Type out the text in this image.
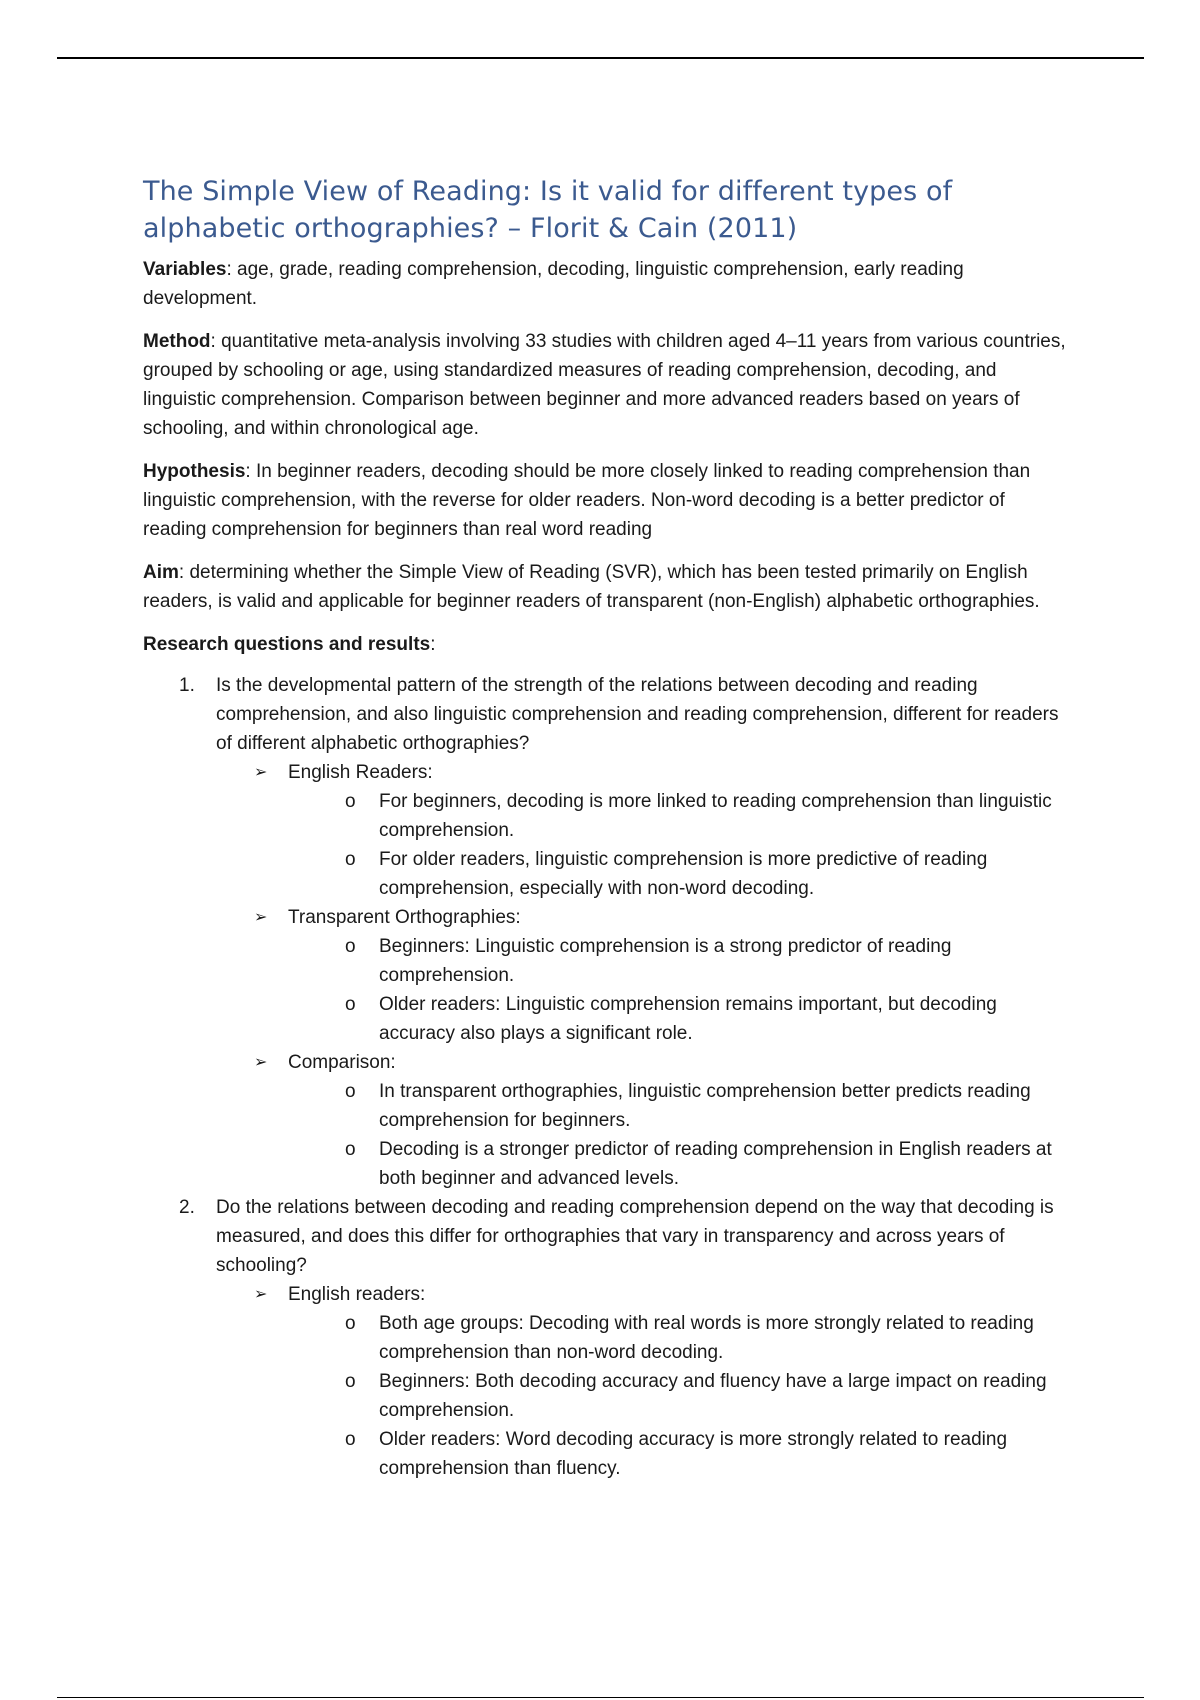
The Simple View of Reading: Is it valid for different types of alphabetic orthographies? – Florit & Cain (2011)

Variables: age, grade, reading comprehension, decoding, linguistic comprehension, early reading development.

Method: quantitative meta-analysis involving 33 studies with children aged 4–11 years from various countries, grouped by schooling or age, using standardized measures of reading comprehension, decoding, and linguistic comprehension. Comparison between beginner and more advanced readers based on years of schooling, and within chronological age.

Hypothesis: In beginner readers, decoding should be more closely linked to reading comprehension than linguistic comprehension, with the reverse for older readers. Non-word decoding is a better predictor of reading comprehension for beginners than real word reading

Aim: determining whether the Simple View of Reading (SVR), which has been tested primarily on English readers, is valid and applicable for beginner readers of transparent (non-English) alphabetic orthographies.

Research questions and results:

1. Is the developmental pattern of the strength of the relations between decoding and reading comprehension, and also linguistic comprehension and reading comprehension, different for readers of different alphabetic orthographies?
➢ English Readers:
o For beginners, decoding is more linked to reading comprehension than linguistic comprehension.
o For older readers, linguistic comprehension is more predictive of reading comprehension, especially with non-word decoding.
➢ Transparent Orthographies:
o Beginners: Linguistic comprehension is a strong predictor of reading comprehension.
o Older readers: Linguistic comprehension remains important, but decoding accuracy also plays a significant role.
➢ Comparison:
o In transparent orthographies, linguistic comprehension better predicts reading comprehension for beginners.
o Decoding is a stronger predictor of reading comprehension in English readers at both beginner and advanced levels.
2. Do the relations between decoding and reading comprehension depend on the way that decoding is measured, and does this differ for orthographies that vary in transparency and across years of schooling?
➢ English readers:
o Both age groups: Decoding with real words is more strongly related to reading comprehension than non-word decoding.
o Beginners: Both decoding accuracy and fluency have a large impact on reading comprehension.
o Older readers: Word decoding accuracy is more strongly related to reading comprehension than fluency.
